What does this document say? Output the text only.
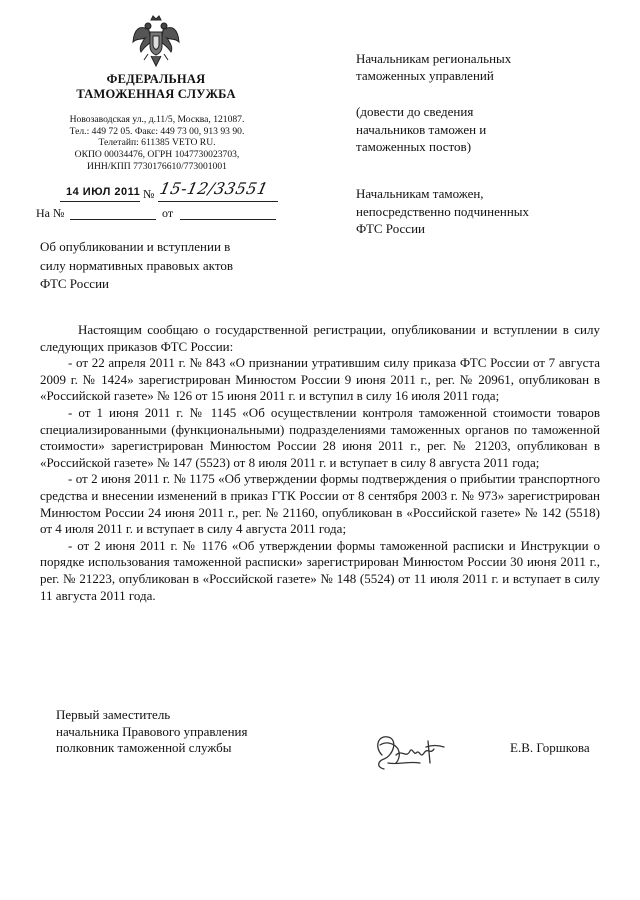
ФЕДЕРАЛЬНАЯ
ТАМОЖЕННАЯ СЛУЖБА
Новозаводская ул., д.11/5, Москва, 121087.
Тел.: 449 72 05. Факс: 449 73 00, 913 93 90.
Телетайп: 611385 VETO RU.
ОКПО 00034476, ОГРН 1047730023703,
ИНН/КПП 7730176610/773001001
14 ИЮЛ 2011 № 15-12/33551
На №	от
Об опубликовании и вступлении в
силу нормативных правовых актов
ФТС России
Начальникам региональных
таможенных управлений
(довести до сведения
начальников таможен и
таможенных постов)
Начальникам таможен,
непосредственно подчиненных
ФТС России

Настоящим сообщаю о государственной регистрации, опубликовании и вступлении в силу следующих приказов ФТС России:

- от 22 апреля 2011 г. № 843 «О признании утратившим силу приказа ФТС России от 7 августа 2009 г. № 1424» зарегистрирован Минюстом России 9 июня 2011 г., рег. № 20961, опубликован в «Российской газете» № 126 от 15 июня 2011 г. и вступил в силу 16 июля 2011 года;

- от 1 июня 2011 г. № 1145 «Об осуществлении контроля таможенной стоимости товаров специализированными (функциональными) подразделениями таможенных органов по таможенной стоимости» зарегистрирован Минюстом России 28 июня 2011 г., рег. № 21203, опубликован в «Российской газете» № 147 (5523) от 8 июля 2011 г. и вступает в силу 8 августа 2011 года;

- от 2 июня 2011 г. № 1175 «Об утверждении формы подтверждения о прибытии транспортного средства и внесении изменений в приказ ГТК России от 8 сентября 2003 г. № 973» зарегистрирован Минюстом России 24 июня 2011 г., рег. № 21160, опубликован в «Российской газете» № 142 (5518) от 4 июля 2011 г. и вступает в силу 4 августа 2011 года;

- от 2 июня 2011 г. № 1176 «Об утверждении формы таможенной расписки и Инструкции о порядке использования таможенной расписки» зарегистрирован Минюстом России 30 июня 2011 г., рег. № 21223, опубликован в «Российской газете» № 148 (5524) от 11 июля 2011 г. и вступает в силу 11 августа 2011 года.

Первый заместитель
начальника Правового управления
полковник таможенной службы	Е.В. Горшкова
